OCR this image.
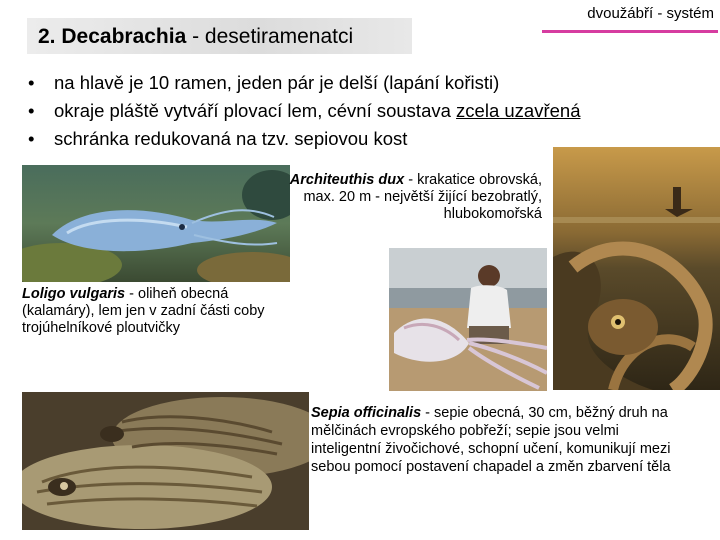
2. Decabrachia - desetiramenatci
dvoužábří - systém
• na hlavě je 10 ramen, jeden pár je delší (lapání kořisti)
• okraje pláště vytváří plovací lem, cévní soustava zcela uzavřená
• schránka redukovaná na tzv. sepiovou kost
Architeuthis dux - krakatice obrovská, max. 20 m - největší žijící bezobratlý, hlubokomořská
Loligo vulgaris - oliheň obecná (kalamáry), lem jen v zadní části coby trojúhelníkové ploutvičky
Sepia officinalis - sepie obecná, 30 cm, běžný druh na mělčinách evropského pobřeží; sepie jsou velmi inteligentní živočichové, schopní učení, komunikují mezi sebou pomocí postavení chapadel a změn zbarvení těla
